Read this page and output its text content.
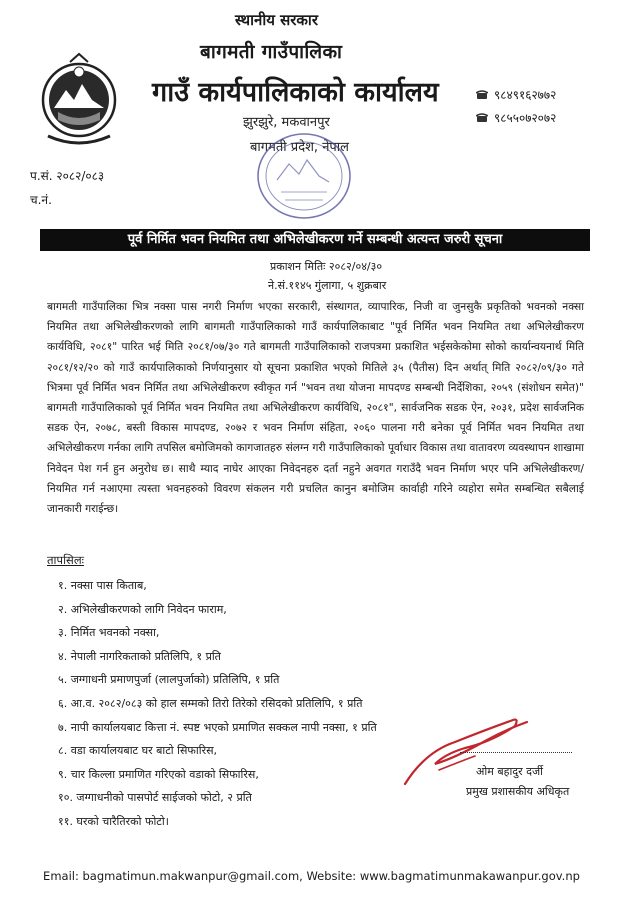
स्थानीय सरकार
बागमती गाउँपालिका
गाउँ कार्यपालिकाको कार्यालय
झुरझुरे, मकवानपुर
बागमती प्रदेश, नेपाल
९८४९१६२७७२
९८५५०७२०७२
प.सं. २०८२/०८३
च.नं.
पूर्व निर्मित भवन नियमित तथा अभिलेखीकरण गर्ने सम्बन्धी अत्यन्त जरुरी सूचना
प्रकाशन मितिः २०८२/०४/३०
ने.सं.११४५ गुंलागा, ५ शुक्रबार
बागमती गाउँपालिका भित्र नक्सा पास नगरी निर्माण भएका सरकारी, संस्थागत, व्यापारिक, निजी वा जुनसुकै प्रकृतिको भवनको नक्सा नियमित तथा अभिलेखीकरणको लागि बागमती गाउँपालिकाको गाउँ कार्यपालिकाबाट "पूर्व निर्मित भवन नियमित तथा अभिलेखीकरण कार्यविधि, २०८१" पारित भई मिति २०८१/०७/३० गते बागमती गाउँपालिकाको राजपत्रमा प्रकाशित भईसकेकोमा सोको कार्यान्वयनार्थ मिति २०८१/१२/२० को गाउँ कार्यपालिकाको निर्णयानुसार यो सूचना प्रकाशित भएको मितिले ३५ (पैतीस) दिन अर्थात् मिति २०८२/०९/३० गते भित्रमा पूर्व निर्मित भवन निर्मित तथा अभिलेखीकरण स्वीकृत गर्न "भवन तथा योजना मापदण्ड सम्बन्धी निर्देशिका, २०५९ (संशोधन समेत)" बागमती गाउँपालिकाको पूर्व निर्मित भवन नियमित तथा अभिलेखीकरण कार्यविधि, २०८१", सार्वजनिक सडक ऐन, २०३१, प्रदेश सार्वजनिक सडक ऐन, २०७८, बस्ती विकास मापदण्ड, २०७२ र भवन निर्माण संहिता, २०६० पालना गरी बनेका पूर्व निर्मित भवन नियमित तथा अभिलेखीकरण गर्नका लागि तपसिल बमोजिमको कागजातहरु संलग्न गरी गाउँपालिकाको पूर्वाधार विकास तथा वातावरण व्यवस्थापन शाखामा निवेदन पेश गर्न हुन अनुरोध छ। साथै म्याद नाघेर आएका निवेदनहरु दर्ता नहुने अवगत गराउँदै भवन निर्माण भएर पनि अभिलेखीकरण/नियमित गर्न नआएमा त्यस्ता भवनहरुको विवरण संकलन गरी प्रचलित कानुन बमोजिम कार्वाही गरिने व्यहोरा समेत सम्बन्धित सबैलाई जानकारी गराईन्छ।
तापसिलः
१. नक्सा पास किताब,
२. अभिलेखीकरणको लागि निवेदन फाराम,
३. निर्मित भवनको नक्सा,
४. नेपाली नागरिकताको प्रतिलिपि, १ प्रति
५. जग्गाधनी प्रमाणपुर्जा (लालपुर्जाको) प्रतिलिपि, १ प्रति
६. आ.व. २०८२/०८३ को हाल सम्मको तिरो तिरेको रसिदको प्रतिलिपि, १ प्रति
७. नापी कार्यालयबाट कित्ता नं. स्पष्ट भएको प्रमाणित सक्कल नापी नक्सा, १ प्रति
८. वडा कार्यालयबाट घर बाटो सिफारिस,
९. चार किल्ला प्रमाणित गरिएको वडाको सिफारिस,
१०. जग्गाधनीको पासपोर्ट साईजको फोटो, २ प्रति
११. घरको चारैतिरको फोटो।
ओम बहादुर दर्जी
प्रमुख प्रशासकीय अधिकृत
Email: bagmatimun.makwanpur@gmail.com, Website: www.bagmatimunmakawanpur.gov.np
